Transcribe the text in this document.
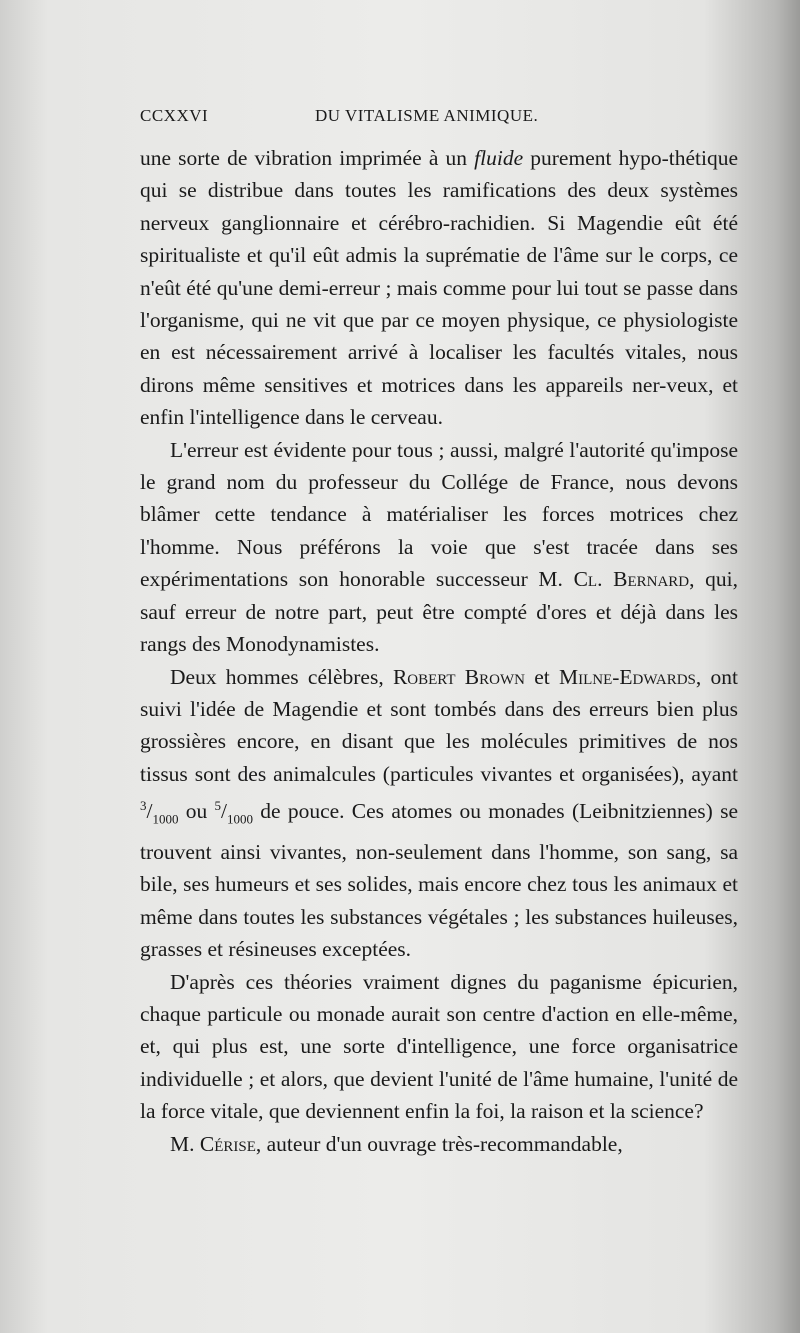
CCXXVI	DU VITALISME ANIMIQUE.

une sorte de vibration imprimée à un fluide purement hypo-thétique qui se distribue dans toutes les ramifications des deux systèmes nerveux ganglionnaire et cérébro-rachidien. Si Magendie eût été spiritualiste et qu'il eût admis la suprématie de l'âme sur le corps, ce n'eût été qu'une demi-erreur ; mais comme pour lui tout se passe dans l'organisme, qui ne vit que par ce moyen physique, ce physiologiste en est nécessairement arrivé à localiser les facultés vitales, nous dirons même sensitives et motrices dans les appareils ner-veux, et enfin l'intelligence dans le cerveau.

L'erreur est évidente pour tous ; aussi, malgré l'autorité qu'impose le grand nom du professeur du Collége de France, nous devons blâmer cette tendance à matérialiser les forces motrices chez l'homme. Nous préférons la voie que s'est tracée dans ses expérimentations son honorable successeur M. Cl. Bernard, qui, sauf erreur de notre part, peut être compté d'ores et déjà dans les rangs des Monodynamistes.

Deux hommes célèbres, Robert Brown et Milne-Edwards, ont suivi l'idée de Magendie et sont tombés dans des erreurs bien plus grossières encore, en disant que les molécules primitives de nos tissus sont des animalcules (particules vivantes et organisées), ayant $^3/_{1000}$ ou $^5/_{1000}$ de pouce. Ces atomes ou monades (Leibnitziennes) se trouvent ainsi vivantes, non-seulement dans l'homme, son sang, sa bile, ses humeurs et ses solides, mais encore chez tous les animaux et même dans toutes les substances végétales ; les substances huileuses, grasses et résineuses exceptées.

D'après ces théories vraiment dignes du paganisme épicurien, chaque particule ou monade aurait son centre d'action en elle-même, et, qui plus est, une sorte d'intelligence, une force organisatrice individuelle ; et alors, que devient l'unité de l'âme humaine, l'unité de la force vitale, que deviennent enfin la foi, la raison et la science?

M. Cérise, auteur d'un ouvrage très-recommandable,
